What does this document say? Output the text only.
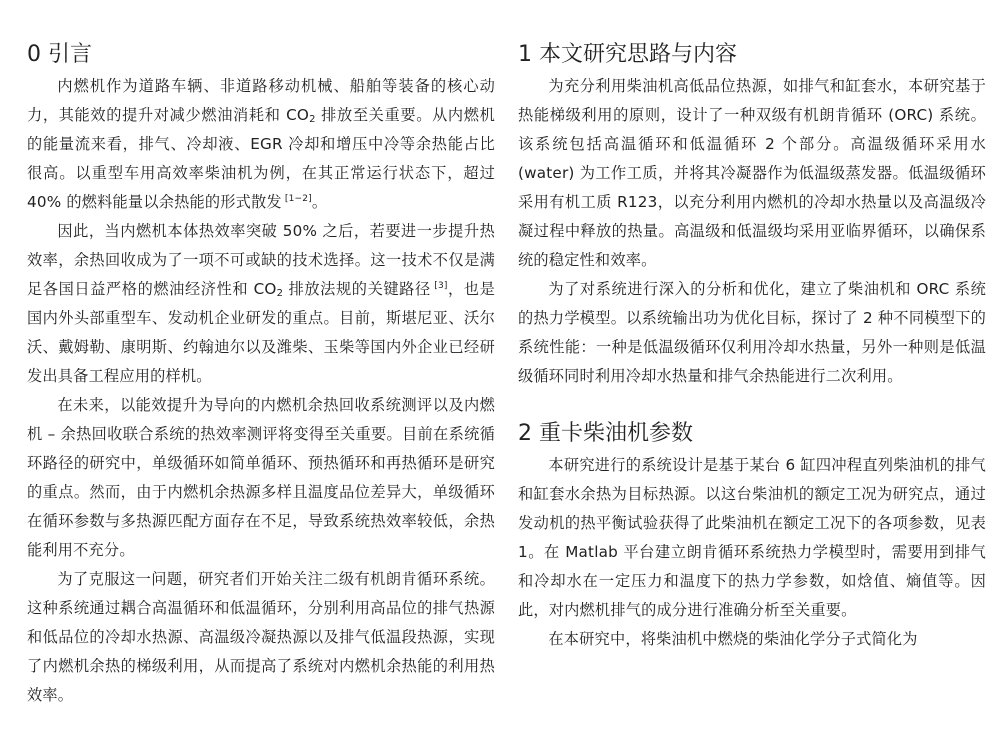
0 引言

内燃机作为道路车辆、非道路移动机械、船舶等装备的核心动力，其能效的提升对减少燃油消耗和 $CO_2$ 排放至关重要。从内燃机的能量流来看，排气、冷却液、EGR 冷却和增压中冷等余热能占比很高。以重型车用高效率柴油机为例，在其正常运行状态下，超过 40% 的燃料能量以余热能的形式散发 [1−2]。

因此，当内燃机本体热效率突破 50% 之后，若要进一步提升热效率，余热回收成为了一项不可或缺的技术选择。这一技术不仅是满足各国日益严格的燃油经济性和 $CO_2$ 排放法规的关键路径 [3]，也是国内外头部重型车、发动机企业研发的重点。目前，斯堪尼亚、沃尔沃、戴姆勒、康明斯、约翰迪尔以及潍柴、玉柴等国内外企业已经研发出具备工程应用的样机。

在未来，以能效提升为导向的内燃机余热回收系统测评以及内燃机 – 余热回收联合系统的热效率测评将变得至关重要。目前在系统循环路径的研究中，单级循环如简单循环、预热循环和再热循环是研究的重点。然而，由于内燃机余热源多样且温度品位差异大，单级循环在循环参数与多热源匹配方面存在不足，导致系统热效率较低，余热能利用不充分。

为了克服这一问题，研究者们开始关注二级有机朗肯循环系统。这种系统通过耦合高温循环和低温循环，分别利用高品位的排气热源和低品位的冷却水热源、高温级冷凝热源以及排气低温段热源，实现了内燃机余热的梯级利用，从而提高了系统对内燃机余热能的利用热效率。

1 本文研究思路与内容

为充分利用柴油机高低品位热源，如排气和缸套水，本研究基于热能梯级利用的原则，设计了一种双级有机朗肯循环 (ORC) 系统。该系统包括高温循环和低温循环 2 个部分。高温级循环采用水 (water) 为工作工质，并将其冷凝器作为低温级蒸发器。低温级循环采用有机工质 R123，以充分利用内燃机的冷却水热量以及高温级冷凝过程中释放的热量。高温级和低温级均采用亚临界循环，以确保系统的稳定性和效率。

为了对系统进行深入的分析和优化，建立了柴油机和 ORC 系统的热力学模型。以系统输出功为优化目标，探讨了 2 种不同模型下的系统性能：一种是低温级循环仅利用冷却水热量，另外一种则是低温级循环同时利用冷却水热量和排气余热能进行二次利用。

2 重卡柴油机参数

本研究进行的系统设计是基于某台 6 缸四冲程直列柴油机的排气和缸套水余热为目标热源。以这台柴油机的额定工况为研究点，通过发动机的热平衡试验获得了此柴油机在额定工况下的各项参数，见表 1。在 Matlab 平台建立朗肯循环系统热力学模型时，需要用到排气和冷却水在一定压力和温度下的热力学参数，如焓值、熵值等。因此，对内燃机排气的成分进行准确分析至关重要。

在本研究中，将柴油机中燃烧的柴油化学分子式简化为
